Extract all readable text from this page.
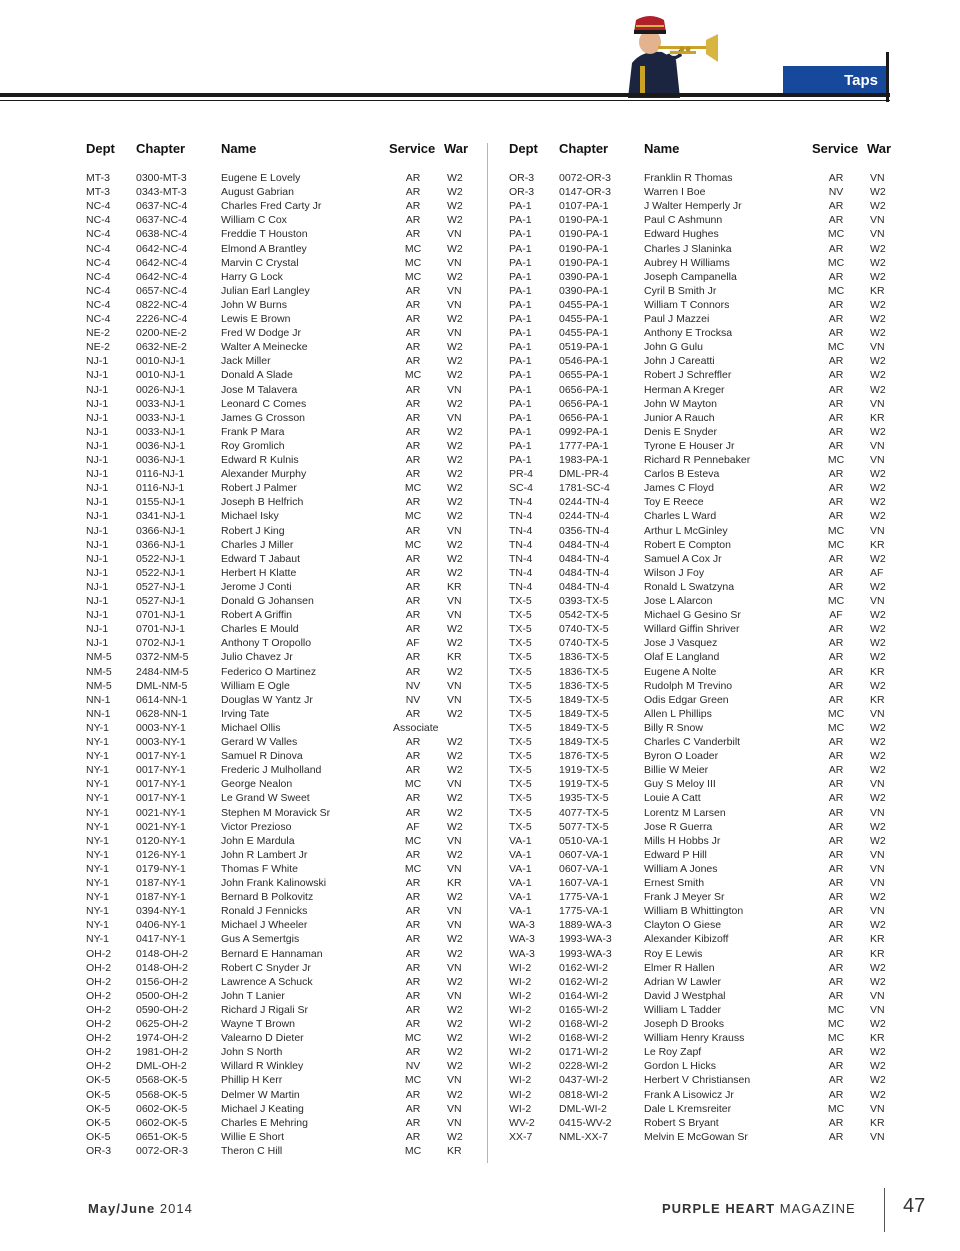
Taps
Dept Chapter	Name	Service War
MT-3 0300-MT-3	Eugene E Lovely	AR	W2
MT-3 0343-MT-3	August Gabrian	AR	W2
NC-4 0637-NC-4	Charles Fred Carty Jr	AR	W2
NC-4 0637-NC-4	William C Cox	AR	W2
NC-4 0638-NC-4	Freddie T Houston	AR	VN
NC-4 0642-NC-4	Elmond A Brantley	MC	W2
NC-4 0642-NC-4	Marvin C Crystal	MC	VN
NC-4 0642-NC-4	Harry G Lock	MC	W2
NC-4 0657-NC-4	Julian Earl Langley	AR	VN
NC-4 0822-NC-4	John W Burns	AR	VN
NC-4 2226-NC-4	Lewis E Brown	AR	W2
NE-2 0200-NE-2	Fred W Dodge Jr	AR	VN
NE-2 0632-NE-2	Walter A Meinecke	AR	W2
NJ-1	0010-NJ-1	Jack Miller	AR	W2
NJ-1	0010-NJ-1	Donald A Slade	MC	W2
NJ-1	0026-NJ-1	Jose M Talavera	AR	VN
NJ-1	0033-NJ-1	Leonard C Comes	AR	W2
NJ-1	0033-NJ-1	James G Crosson	AR	VN
NJ-1	0033-NJ-1	Frank P Mara	AR	W2
NJ-1	0036-NJ-1	Roy Gromlich	AR	W2
NJ-1	0036-NJ-1	Edward R Kulnis	AR	W2
NJ-1	0116-NJ-1	Alexander Murphy	AR	W2
NJ-1	0116-NJ-1	Robert J Palmer	MC	W2
NJ-1	0155-NJ-1	Joseph B Helfrich	AR	W2
NJ-1	0341-NJ-1	Michael Isky	MC	W2
NJ-1	0366-NJ-1	Robert J King	AR	VN
NJ-1	0366-NJ-1	Charles J Miller	MC	W2
NJ-1	0522-NJ-1	Edward T Jabaut	AR	W2
NJ-1	0522-NJ-1	Herbert H Klatte	AR	W2
NJ-1	0527-NJ-1	Jerome J Conti	AR	KR
NJ-1	0527-NJ-1	Donald G Johansen	AR	VN
NJ-1	0701-NJ-1	Robert A Griffin	AR	VN
NJ-1	0701-NJ-1	Charles E Mould	AR	W2
NJ-1	0702-NJ-1	Anthony T Oropollo	AF	W2
NM-5 0372-NM-5	Julio Chavez Jr	AR	KR
NM-5 2484-NM-5	Federico O Martinez	AR	W2
NM-5 DML-NM-5	William E Ogle	NV	VN
NN-1 0614-NN-1	Douglas W Yantz Jr	NV	VN
NN-1 0628-NN-1	Irving Tate	AR	W2
NY-1	0003-NY-1	Michael Ollis	Associate
NY-1	0003-NY-1	Gerard W Valles	AR	W2
NY-1	0017-NY-1	Samuel R Dinova	AR	W2
NY-1	0017-NY-1	Frederic J Mulholland	AR	W2
NY-1	0017-NY-1	George Nealon	MC	VN
NY-1	0017-NY-1	Le Grand W Sweet	AR	W2
NY-1	0021-NY-1	Stephen M Moravick Sr	AR	W2
NY-1	0021-NY-1	Victor Prezioso	AF	W2
NY-1	0120-NY-1	John E Mardula	MC	VN
NY-1	0126-NY-1	John R Lambert Jr	AR	W2
NY-1	0179-NY-1	Thomas F White	MC	VN
NY-1	0187-NY-1	John Frank Kalinowski	AR	KR
NY-1	0187-NY-1	Bernard B Polkovitz	AR	W2
NY-1	0394-NY-1	Ronald J Fennicks	AR	VN
NY-1	0406-NY-1	Michael J Wheeler	AR	VN
NY-1	0417-NY-1	Gus A Semertgis	AR	W2
OH-2 0148-OH-2	Bernard E Hannaman	AR	W2
OH-2 0148-OH-2	Robert C Snyder Jr	AR	VN
OH-2 0156-OH-2	Lawrence A Schuck	AR	W2
OH-2 0500-OH-2	John T Lanier	AR	VN
OH-2 0590-OH-2	Richard J Rigali Sr	AR	W2
OH-2 0625-OH-2	Wayne T Brown	AR	W2
OH-2 1974-OH-2	Valearno D Dieter	MC	W2
OH-2 1981-OH-2	John S North	AR	W2
OH-2 DML-OH-2	Willard R Winkley	NV	W2
OK-5 0568-OK-5	Phillip H Kerr	MC	VN
OK-5 0568-OK-5	Delmer W Martin	AR	W2
OK-5 0602-OK-5	Michael J Keating	AR	VN
OK-5 0602-OK-5	Charles E Mehring	AR	VN
OK-5 0651-OK-5	Willie E Short	AR	W2
OR-3 0072-OR-3	Theron C Hill	MC	KR
Dept Chapter	Name	Service War
OR-3 0072-OR-3	Franklin R Thomas	AR	VN
OR-3 0147-OR-3	Warren I Boe	NV	W2
PA-1	0107-PA-1	J Walter Hemperly Jr	AR	W2
PA-1	0190-PA-1	Paul C Ashmunn	AR	VN
PA-1	0190-PA-1	Edward Hughes	MC	VN
PA-1	0190-PA-1	Charles J Slaninka	AR	W2
PA-1	0190-PA-1	Aubrey H Williams	MC	W2
PA-1	0390-PA-1	Joseph Campanella	AR	W2
PA-1	0390-PA-1	Cyril B Smith Jr	MC	KR
PA-1	0455-PA-1	William T Connors	AR	W2
PA-1	0455-PA-1	Paul J Mazzei	AR	W2
PA-1	0455-PA-1	Anthony E Trocksa	AR	W2
PA-1	0519-PA-1	John G Gulu	MC	VN
PA-1	0546-PA-1	John J Careatti	AR	W2
PA-1	0655-PA-1	Robert J Schreffler	AR	W2
PA-1	0656-PA-1	Herman A Kreger	AR	W2
PA-1	0656-PA-1	John W Mayton	AR	VN
PA-1	0656-PA-1	Junior A Rauch	AR	KR
PA-1	0992-PA-1	Denis E Snyder	AR	W2
PA-1	1777-PA-1	Tyrone E Houser Jr	AR	VN
PA-1	1983-PA-1	Richard R Pennebaker	MC	VN
PR-4 DML-PR-4	Carlos B Esteva	AR	W2
SC-4 1781-SC-4	James C Floyd	AR	W2
TN-4	0244-TN-4	Toy E Reece	AR	W2
TN-4	0244-TN-4	Charles L Ward	AR	W2
TN-4	0356-TN-4	Arthur L McGinley	MC	VN
TN-4	0484-TN-4	Robert E Compton	MC	KR
TN-4	0484-TN-4	Samuel A Cox Jr	AR	W2
TN-4	0484-TN-4	Wilson J Foy	AR	AF
TN-4	0484-TN-4	Ronald L Swatzyna	AR	W2
TX-5	0393-TX-5	Jose L Alarcon	MC	VN
TX-5	0542-TX-5	Michael G Gesino Sr	AF	W2
TX-5	0740-TX-5	Willard Giffin Shriver	AR	W2
TX-5	0740-TX-5	Jose J Vasquez	AR	W2
TX-5	1836-TX-5	Olaf E Langland	AR	W2
TX-5	1836-TX-5	Eugene A Nolte	AR	KR
TX-5	1836-TX-5	Rudolph M Trevino	AR	W2
TX-5	1849-TX-5	Odis Edgar Green	AR	KR
TX-5	1849-TX-5	Allen L Phillips	MC	VN
TX-5	1849-TX-5	Billy R Snow	MC	W2
TX-5	1849-TX-5	Charles C Vanderbilt	AR	W2
TX-5	1876-TX-5	Byron O Loader	AR	W2
TX-5	1919-TX-5	Billie W Meier	AR	W2
TX-5	1919-TX-5	Guy S Meloy III	AR	VN
TX-5	1935-TX-5	Louie A Catt	AR	W2
TX-5	4077-TX-5	Lorentz M Larsen	AR	VN
TX-5	5077-TX-5	Jose R Guerra	AR	W2
VA-1	0510-VA-1	Mills H Hobbs Jr	AR	W2
VA-1	0607-VA-1	Edward P Hill	AR	VN
VA-1	0607-VA-1	William A Jones	AR	VN
VA-1	1607-VA-1	Ernest Smith	AR	VN
VA-1	1775-VA-1	Frank J Meyer Sr	AR	W2
VA-1	1775-VA-1	William B Whittington	AR	VN
WA-3 1889-WA-3	Clayton O Giese	AR	W2
WA-3 1993-WA-3	Alexander Kibizoff	AR	KR
WA-3 1993-WA-3	Roy E Lewis	AR	KR
WI-2	0162-WI-2	Elmer R Hallen	AR	W2
WI-2	0162-WI-2	Adrian W Lawler	AR	W2
WI-2	0164-WI-2	David J Westphal	AR	VN
WI-2	0165-WI-2	William L Tadder	MC	VN
WI-2	0168-WI-2	Joseph D Brooks	MC	W2
WI-2	0168-WI-2	William Henry Krauss	MC	KR
WI-2	0171-WI-2	Le Roy Zapf	AR	W2
WI-2	0228-WI-2	Gordon L Hicks	AR	W2
WI-2	0437-WI-2	Herbert V Christiansen	AR	W2
WI-2	0818-WI-2	Frank A Lisowicz Jr	AR	W2
WI-2	DML-WI-2	Dale L Kremsreiter	MC	VN
WV-2 0415-WV-2	Robert S Bryant	AR	KR
XX-7	NML-XX-7	Melvin E McGowan Sr	AR	VN
May/June 2014	PURPLE HEART MAGAZINE 47
